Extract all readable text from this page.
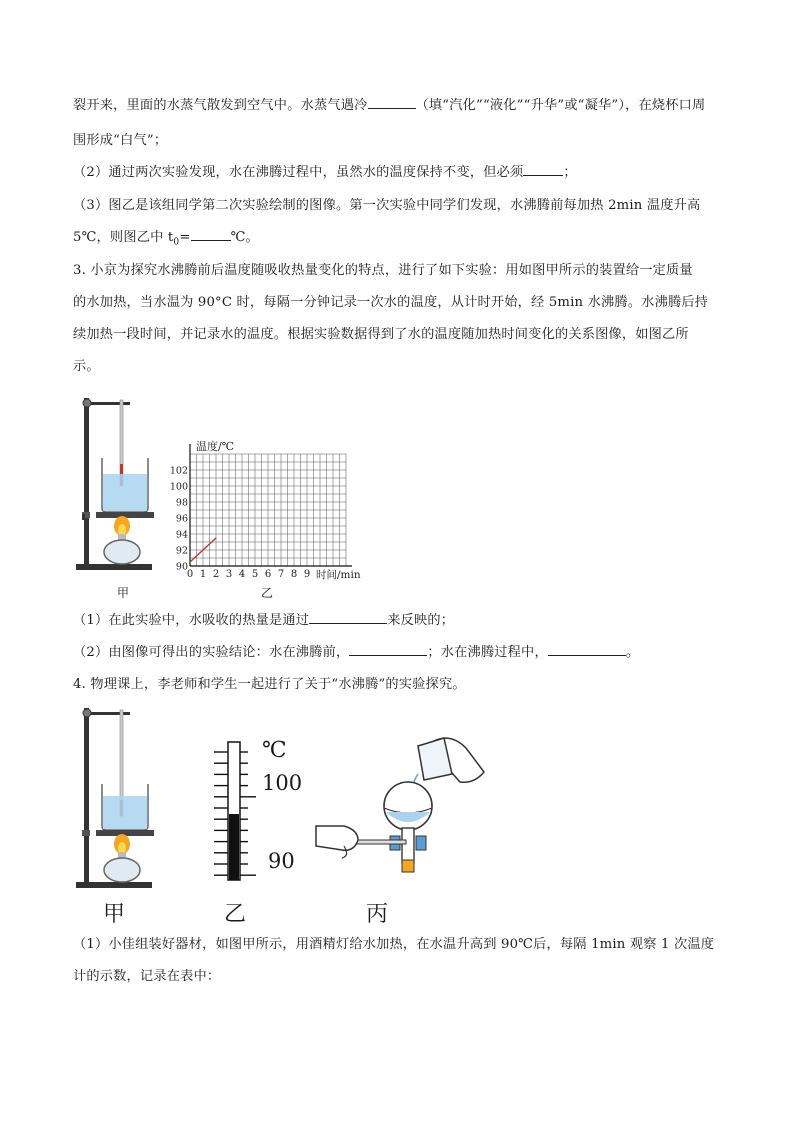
裂开来，里面的水蒸气散发到空气中。水蒸气遇冷	（填“汽化”“液化”“升华”或“凝华”），在烧杯口周
围形成“白气”；
（2）通过两次实验发现，水在沸腾过程中，虽然水的温度保持不变，但必须	；
（3）图乙是该组同学第二次实验绘制的图像。第一次实验中同学们发现，水沸腾前每加热 2min 温度升高
5℃，则图乙中 $t_0=$	℃。
3. 小京为探究水沸腾前后温度随吸收热量变化的特点，进行了如下实验：用如图甲所示的装置给一定质量
的水加热，当水温为 90°C 时，每隔一分钟记录一次水的温度，从计时开始，经 5min 水沸腾。水沸腾后持
续加热一段时间，并记录水的温度。根据实验数据得到了水的温度随加热时间变化的关系图像，如图乙所
示。
甲
0 1 2 3 4 5 6 7 8 9
90
92
94
96
98
100
102
温度/℃
时间/min
乙
（1）在此实验中，水吸收的热量是通过	来反映的；
（2）由图像可得出的实验结论：水在沸腾前，	；水在沸腾过程中，	。
4. 物理课上，李老师和学生一起进行了关于“水沸腾”的实验探究。
甲
℃
100
90
乙	丙
（1）小佳组装好器材，如图甲所示，用酒精灯给水加热，在水温升高到 90℃后，每隔 1min 观察 1 次温度
计的示数，记录在表中：
